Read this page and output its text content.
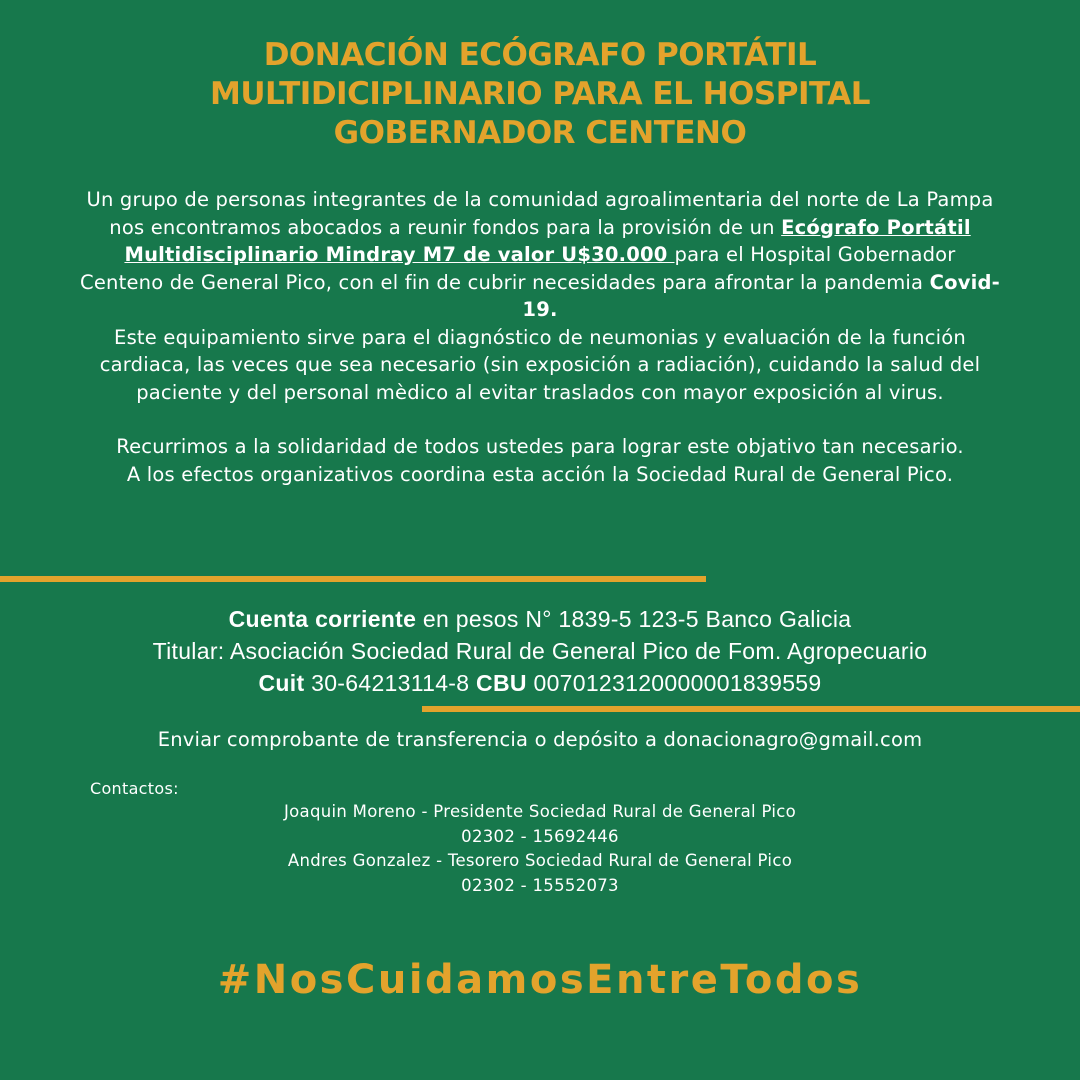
DONACIÓN ECÓGRAFO PORTÁTIL
MULTIDICIPLINARIO PARA EL HOSPITAL
GOBERNADOR CENTENO

Un grupo de personas integrantes de la comunidad agroalimentaria del norte de La Pampa nos encontramos abocados a reunir fondos para la provisión de un Ecógrafo Portátil Multidisciplinario Mindray M7 de valor U$30.000 para el Hospital Gobernador Centeno de General Pico, con el fin de cubrir necesidades para afrontar la pandemia Covid-19.

Este equipamiento sirve para el diagnóstico de neumonias y evaluación de la función cardiaca, las veces que sea necesario (sin exposición a radiación), cuidando la salud del paciente y del personal mèdico al evitar traslados con mayor exposición al virus.

Recurrimos a la solidaridad de todos ustedes para lograr este objativo tan necesario.

A los efectos organizativos coordina esta acción la Sociedad Rural de General Pico.

Cuenta corriente en pesos N° 1839-5 123-5 Banco Galicia

Titular: Asociación Sociedad Rural de General Pico de Fom. Agropecuario

Cuit 30-64213114-8 CBU 0070123120000001839559

Enviar comprobante de transferencia o depósito a donacionagro@gmail.com
Contactos:

Joaquin Moreno - Presidente Sociedad Rural de General Pico

02302 - 15692446

Andres Gonzalez - Tesorero Sociedad Rural de General Pico

02302 - 15552073

#NosCuidamosEntreTodos
